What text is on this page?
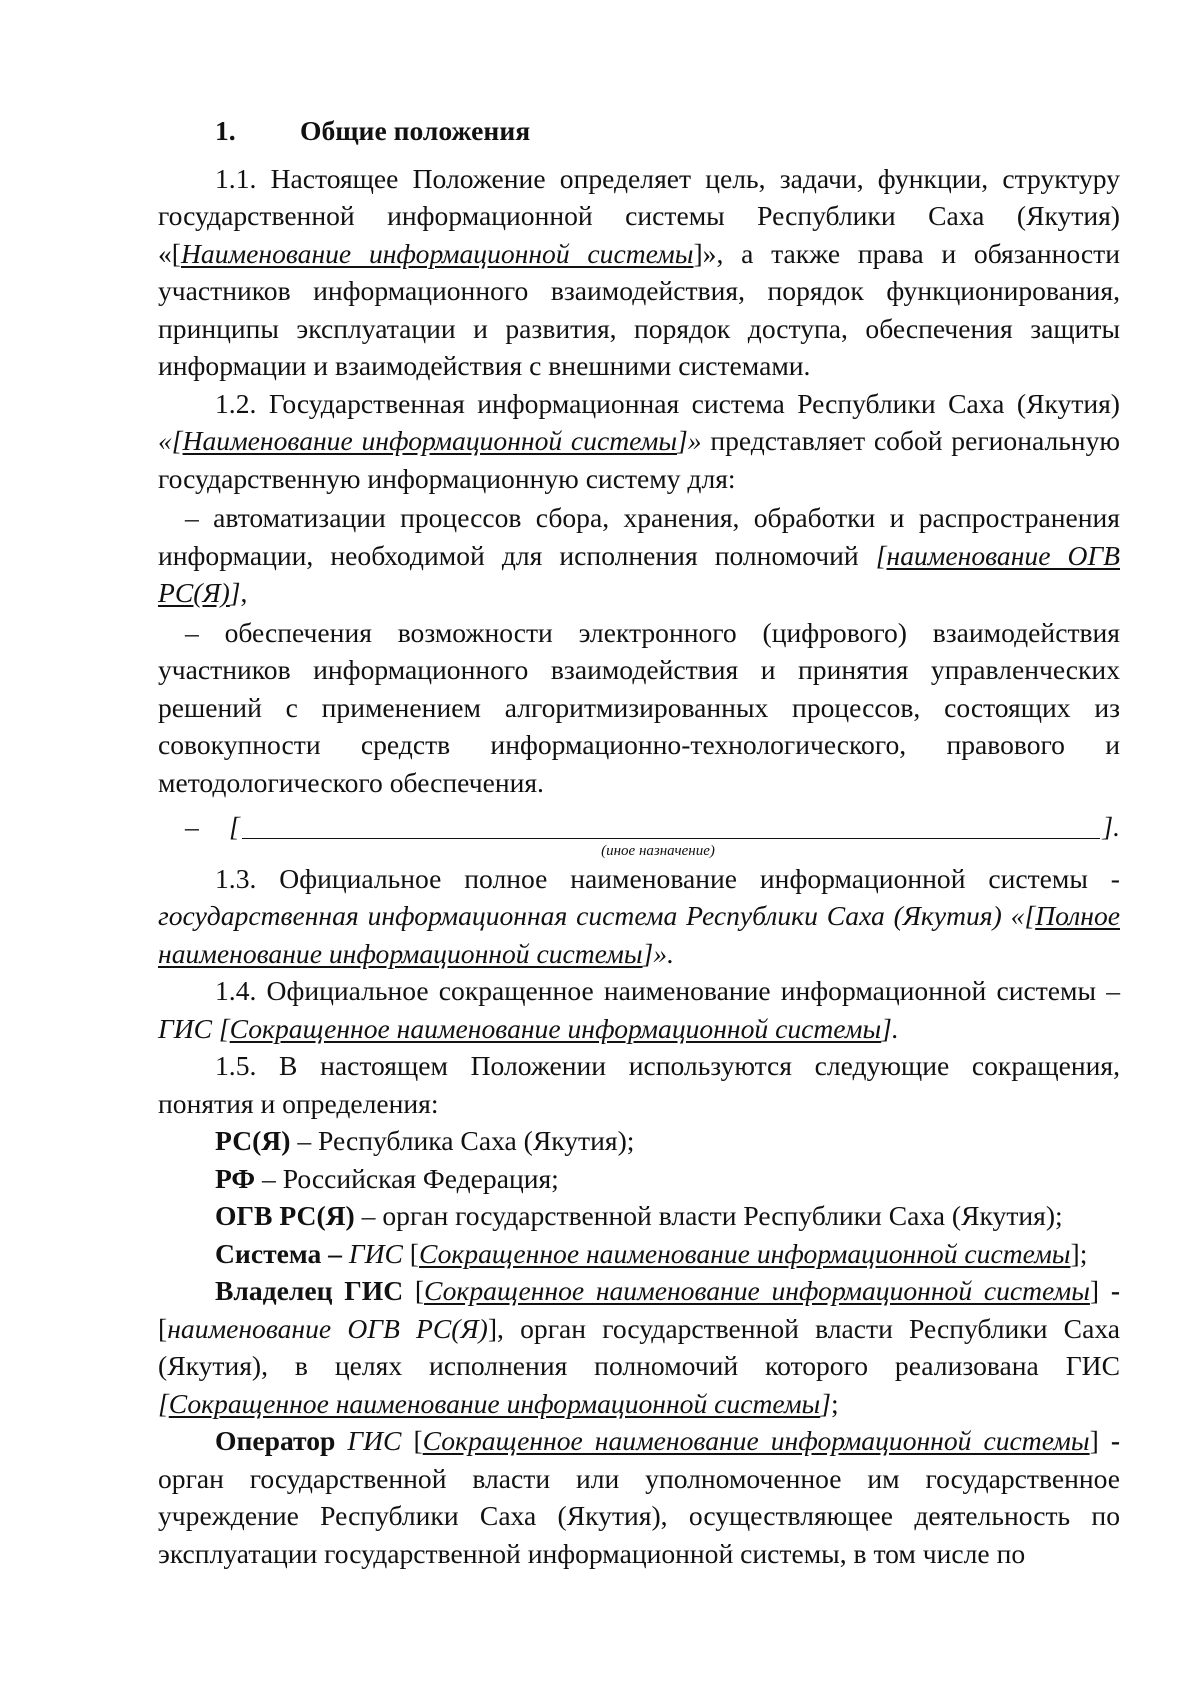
1.	Общие положения

1.1. Настоящее Положение определяет цель, задачи, функции, структуру государственной информационной системы Республики Саха (Якутия) «[Наименование информационной системы]», а также права и обязанности участников информационного взаимодействия, порядок функционирования, принципы эксплуатации и развития, порядок доступа, обеспечения защиты информации и взаимодействия с внешними системами.

1.2. Государственная информационная система Республики Саха (Якутия) «[Наименование информационной системы]» представляет собой региональную государственную информационную систему для:

– автоматизации процессов сбора, хранения, обработки и распространения информации, необходимой для исполнения полномочий [наименование ОГВ РС(Я)],

– обеспечения возможности электронного (цифрового) взаимодействия участников информационного взаимодействия и принятия управленческих решений с применением алгоритмизированных процессов, состоящих из совокупности средств информационно-технологического, правового и методологического обеспечения.

–	[	].
(иное назначение)

1.3. Официальное полное наименование информационной системы - государственная информационная система Республики Саха (Якутия) «[Полное наименование информационной системы]».

1.4. Официальное сокращенное наименование информационной системы – ГИС [Сокращенное наименование информационной системы].

1.5. В настоящем Положении используются следующие сокращения, понятия и определения:

РС(Я) – Республика Саха (Якутия);

РФ – Российская Федерация;

ОГВ РС(Я) – орган государственной власти Республики Саха (Якутия);

Система – ГИС [Сокращенное наименование информационной системы];

Владелец ГИС [Сокращенное наименование информационной системы] - [наименование ОГВ РС(Я)], орган государственной власти Республики Саха (Якутия), в целях исполнения полномочий которого реализована ГИС [Сокращенное наименование информационной системы];

Оператор ГИС [Сокращенное наименование информационной системы] - орган государственной власти или уполномоченное им государственное учреждение Республики Саха (Якутия), осуществляющее деятельность по эксплуатации государственной информационной системы, в том числе по
